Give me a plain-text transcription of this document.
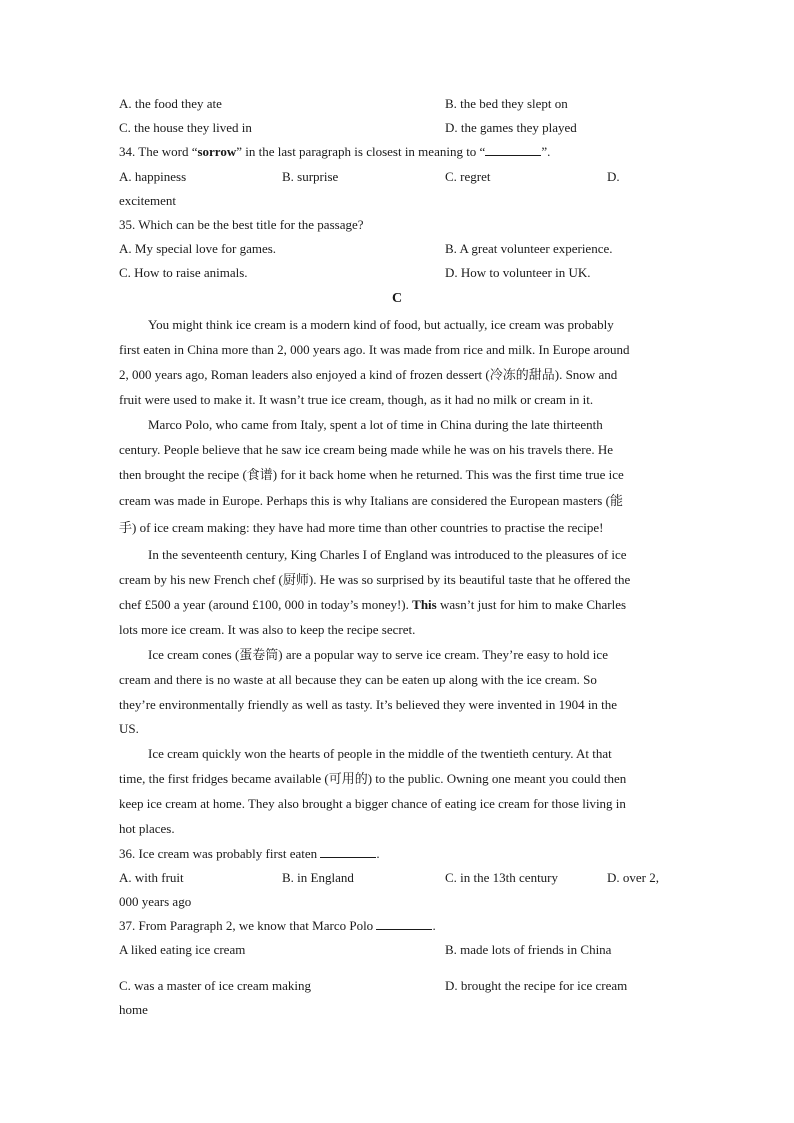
A. the food they ate	B. the bed they slept on
C. the house they lived in	D. the games they played
34. The word “sorrow” in the last paragraph is closest in meaning to “	”.
A. happiness	B. surprise	C. regret	D.
excitement
35. Which can be the best title for the passage?
A. My special love for games.	B. A great volunteer experience.
C. How to raise animals.	D. How to volunteer in UK.
C
You might think ice cream is a modern kind of food, but actually, ice cream was probably
first eaten in China more than 2, 000 years ago. It was made from rice and milk. In Europe around
2, 000 years ago, Roman leaders also enjoyed a kind of frozen dessert (冷冻的甜品). Snow and
fruit were used to make it. It wasn’t true ice cream, though, as it had no milk or cream in it.
Marco Polo, who came from Italy, spent a lot of time in China during the late thirteenth
century. People believe that he saw ice cream being made while he was on his travels there. He
then brought the recipe (食谱) for it back home when he returned. This was the first time true ice
cream was made in Europe. Perhaps this is why Italians are considered the European masters (能
手) of ice cream making: they have had more time than other countries to practise the recipe!
In the seventeenth century, King Charles I of England was introduced to the pleasures of ice
cream by his new French chef (厨师). He was so surprised by its beautiful taste that he offered the
chef £500 a year (around £100, 000 in today’s money!). This wasn’t just for him to make Charles
lots more ice cream. It was also to keep the recipe secret.
Ice cream cones (蛋卷筒) are a popular way to serve ice cream. They’re easy to hold ice
cream and there is no waste at all because they can be eaten up along with the ice cream. So
they’re environmentally friendly as well as tasty. It’s believed they were invented in 1904 in the
US.
Ice cream quickly won the hearts of people in the middle of the twentieth century. At that
time, the first fridges became available (可用的) to the public. Owning one meant you could then
keep ice cream at home. They also brought a bigger chance of eating ice cream for those living in
hot places.
36. Ice cream was probably first eaten	.
A. with fruit	B. in England	C. in the 13th century	D. over 2,
000 years ago
37. From Paragraph 2, we know that Marco Polo	.
A liked eating ice cream	B. made lots of friends in China
C. was a master of ice cream making	D. brought the recipe for ice cream
home
